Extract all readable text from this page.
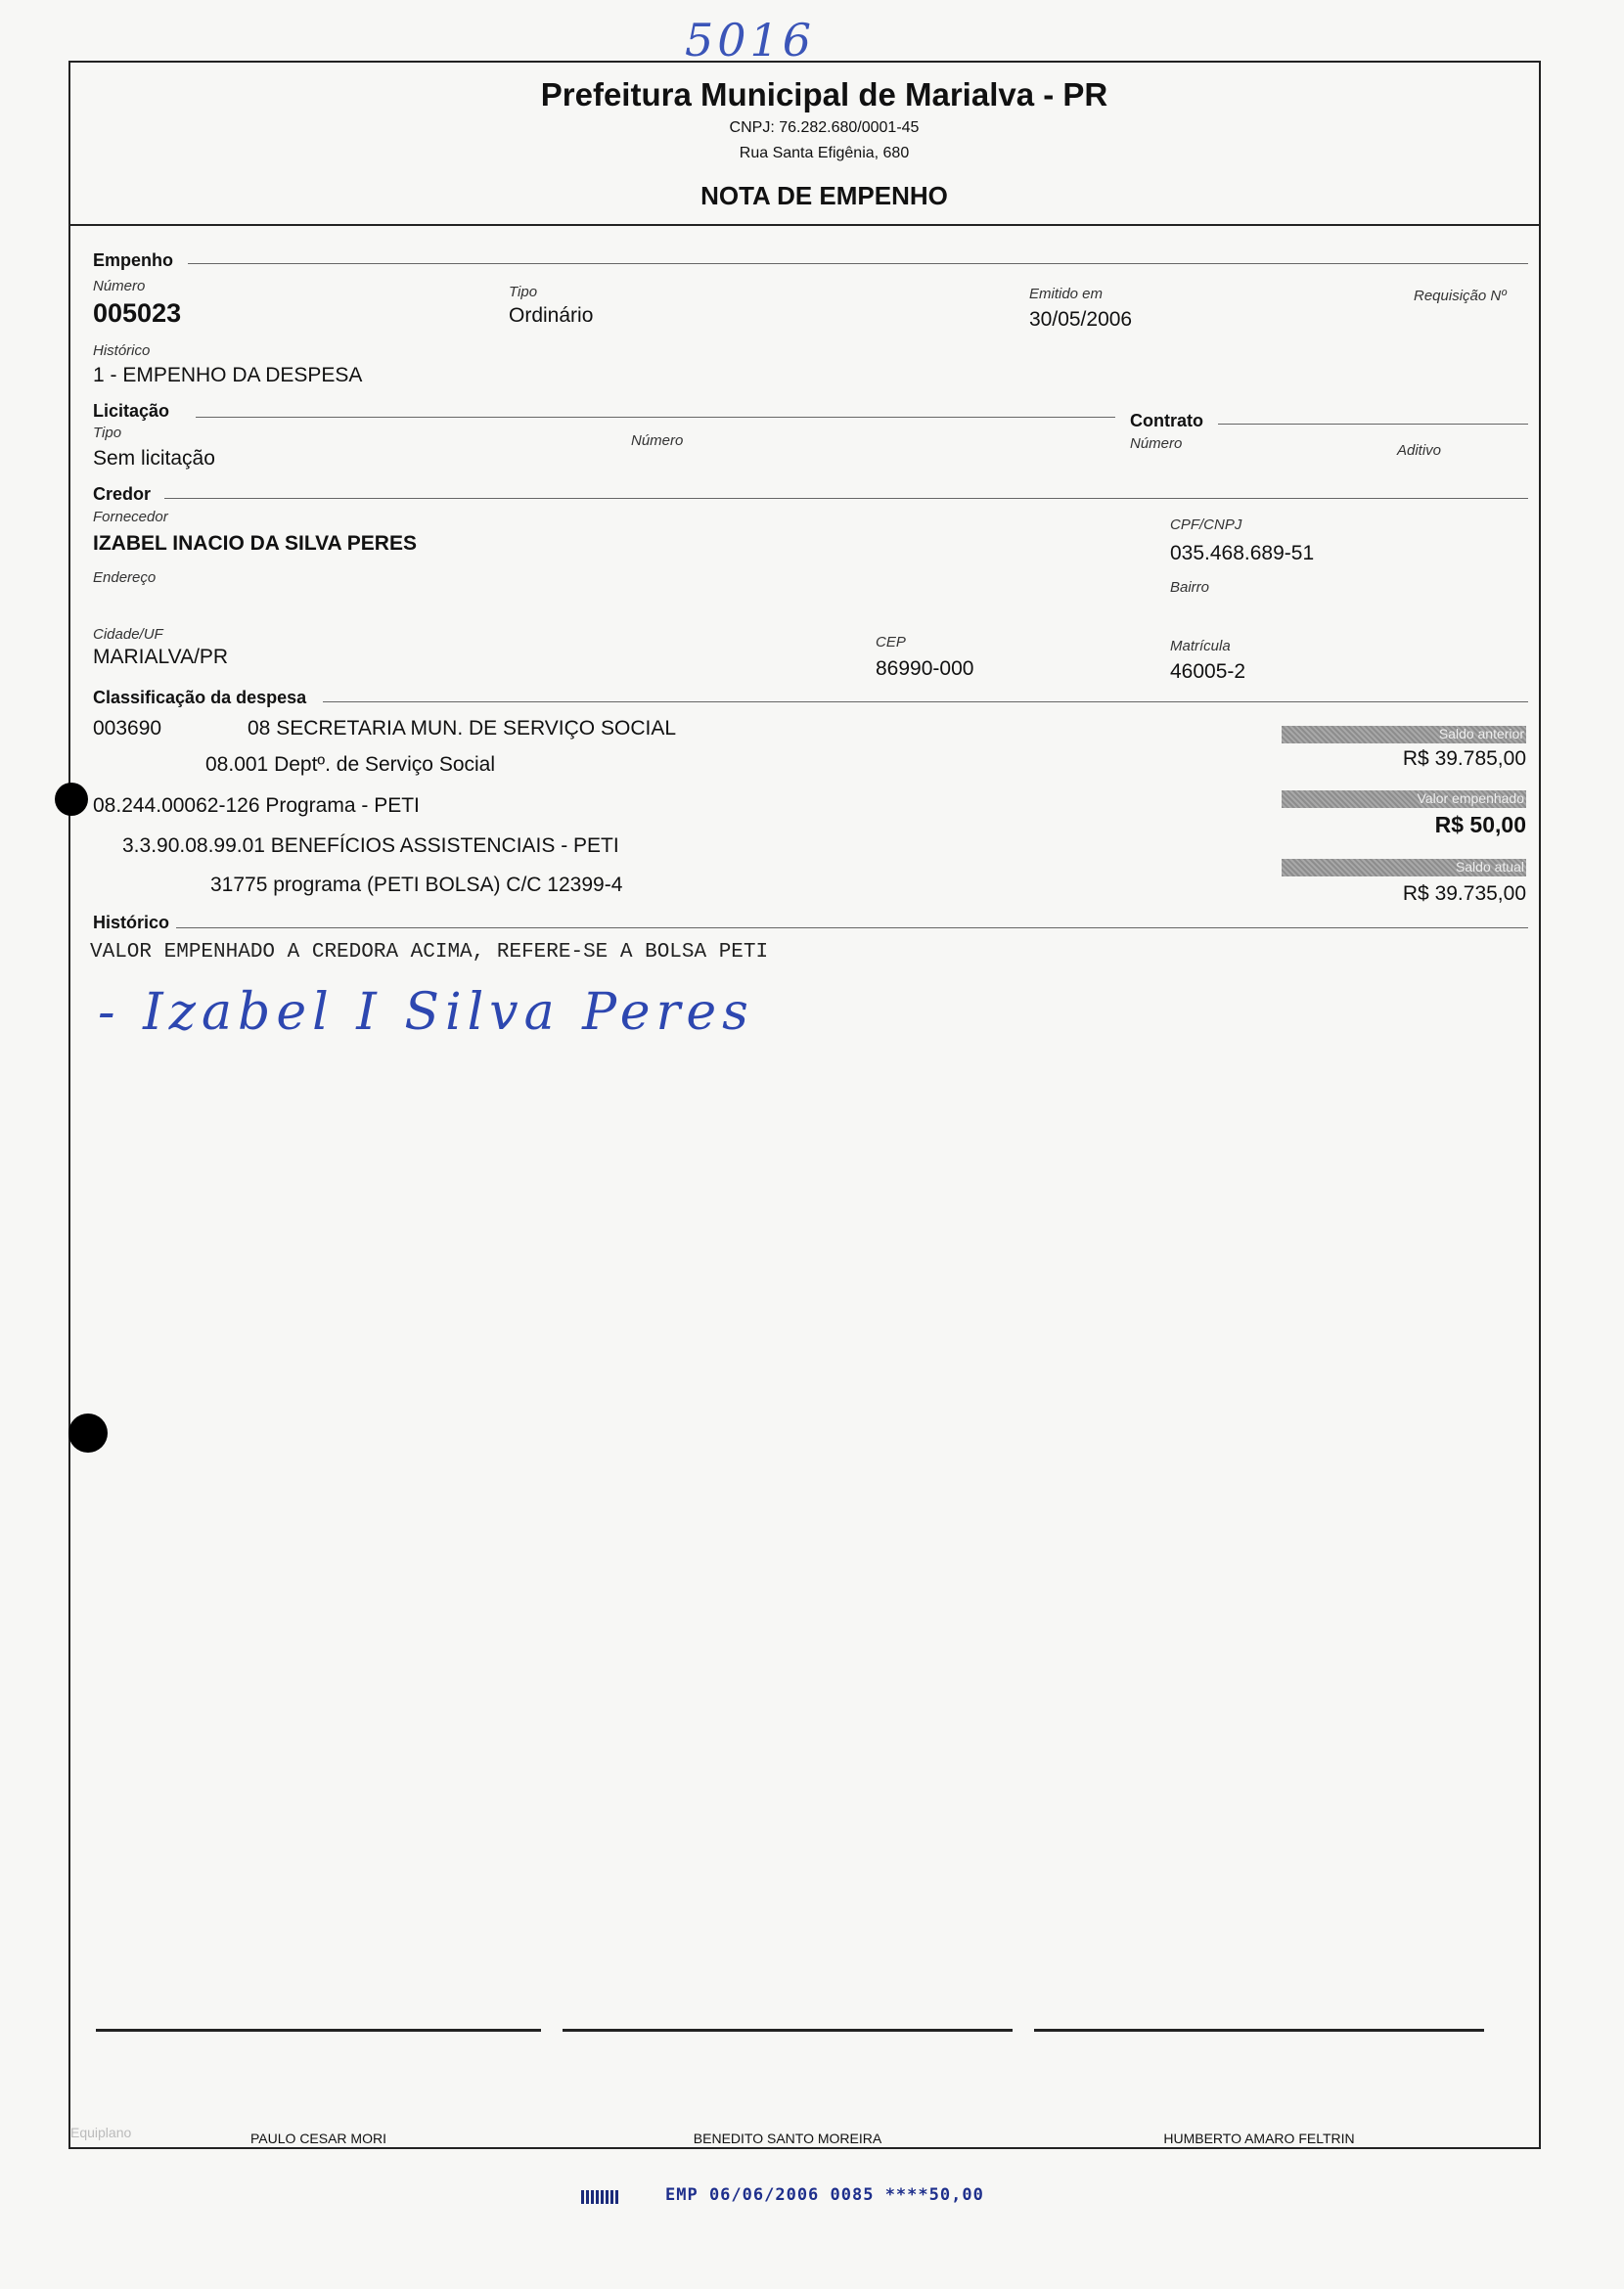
5016
Prefeitura Municipal de Marialva - PR
CNPJ: 76.282.680/0001-45
Rua Santa Efigênia, 680
NOTA DE EMPENHO
Empenho
Número
005023
Tipo
Ordinário
Emitido em
30/05/2006
Requisição Nº
Histórico
1 - EMPENHO DA DESPESA
Licitação
Tipo
Sem licitação
Número
Contrato
Número	Aditivo
Credor
Fornecedor
IZABEL INACIO DA SILVA PERES
CPF/CNPJ
035.468.689-51
Endereço
Bairro
Cidade/UF
MARIALVA/PR
CEP
86990-000
Matrícula
46005-2
Classificação da despesa
003690	08 SECRETARIA MUN. DE SERVIÇO SOCIAL
08.001 Deptº. de Serviço Social
08.244.00062-126 Programa - PETI
3.3.90.08.99.01 BENEFÍCIOS ASSISTENCIAIS - PETI
31775 programa (PETI BOLSA) C/C 12399-4
Saldo anterior
R$ 39.785,00
Valor empenhado
R$ 50,00
Saldo atual
R$ 39.735,00
Histórico
VALOR EMPENHADO A CREDORA ACIMA, REFERE-SE A BOLSA PETI
- Izabel I Silva Peres
PAULO CESAR MORI	BENEDITO SANTO MOREIRA	HUMBERTO AMARO FELTRIN
Equiplano
EMP 06/06/2006 0085 ****50,00
